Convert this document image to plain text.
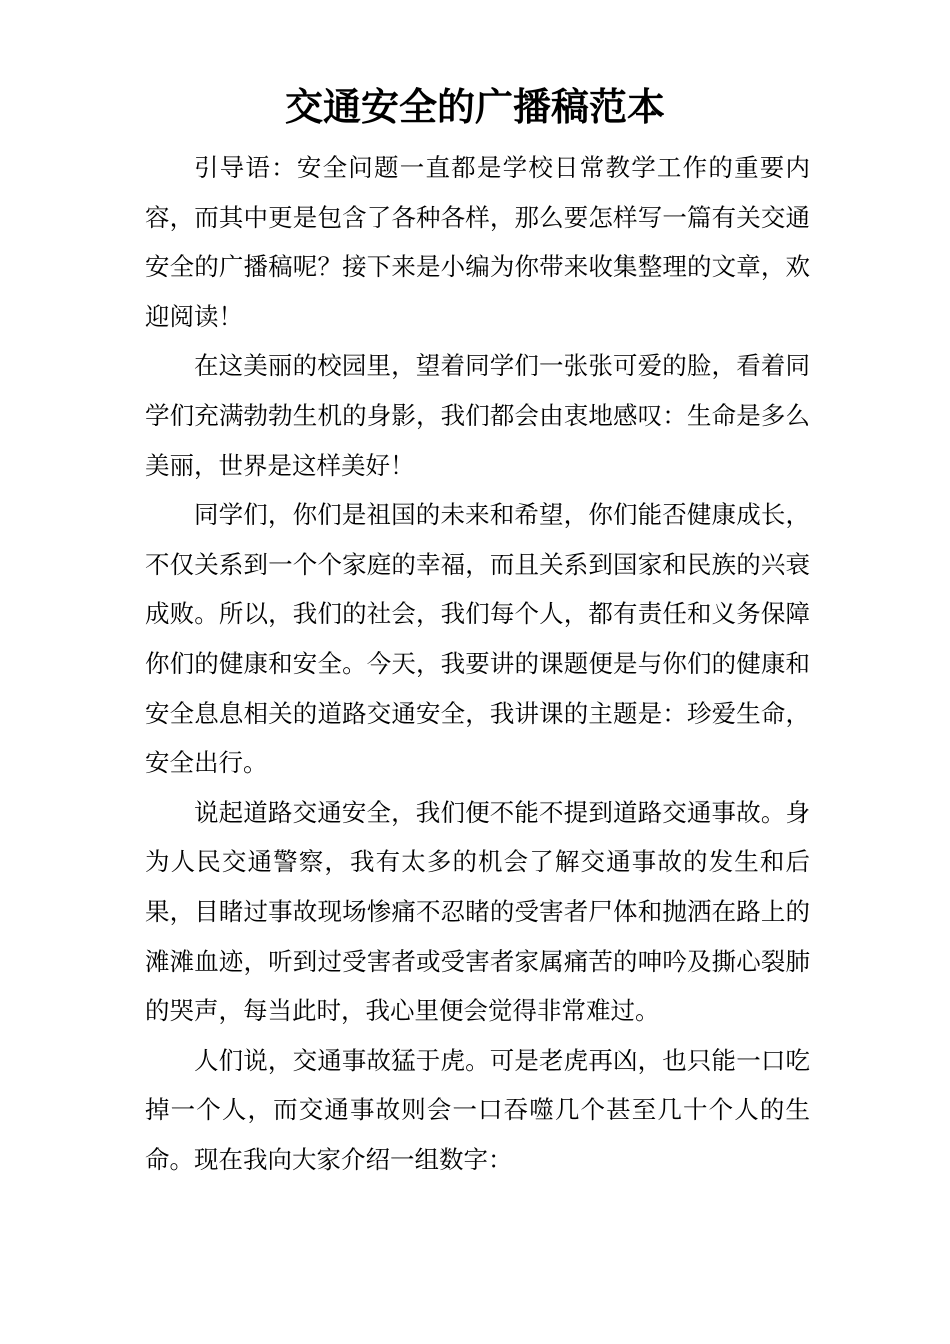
交通安全的广播稿范本

引导语：安全问题一直都是学校日常教学工作的重要内容，而其中更是包含了各种各样，那么要怎样写一篇有关交通安全的广播稿呢？接下来是小编为你带来收集整理的文章，欢迎阅读！

在这美丽的校园里，望着同学们一张张可爱的脸，看着同学们充满勃勃生机的身影，我们都会由衷地感叹：生命是多么美丽，世界是这样美好！

同学们，你们是祖国的未来和希望，你们能否健康成长，不仅关系到一个个家庭的幸福，而且关系到国家和民族的兴衰成败。所以，我们的社会，我们每个人，都有责任和义务保障你们的健康和安全。今天，我要讲的课题便是与你们的健康和安全息息相关的道路交通安全，我讲课的主题是：珍爱生命，安全出行。

说起道路交通安全，我们便不能不提到道路交通事故。身为人民交通警察，我有太多的机会了解交通事故的发生和后果，目睹过事故现场惨痛不忍睹的受害者尸体和抛洒在路上的滩滩血迹，听到过受害者或受害者家属痛苦的呻吟及撕心裂肺的哭声，每当此时，我心里便会觉得非常难过。

人们说，交通事故猛于虎。可是老虎再凶，也只能一口吃掉一个人，而交通事故则会一口吞噬几个甚至几十个人的生命。现在我向大家介绍一组数字：
